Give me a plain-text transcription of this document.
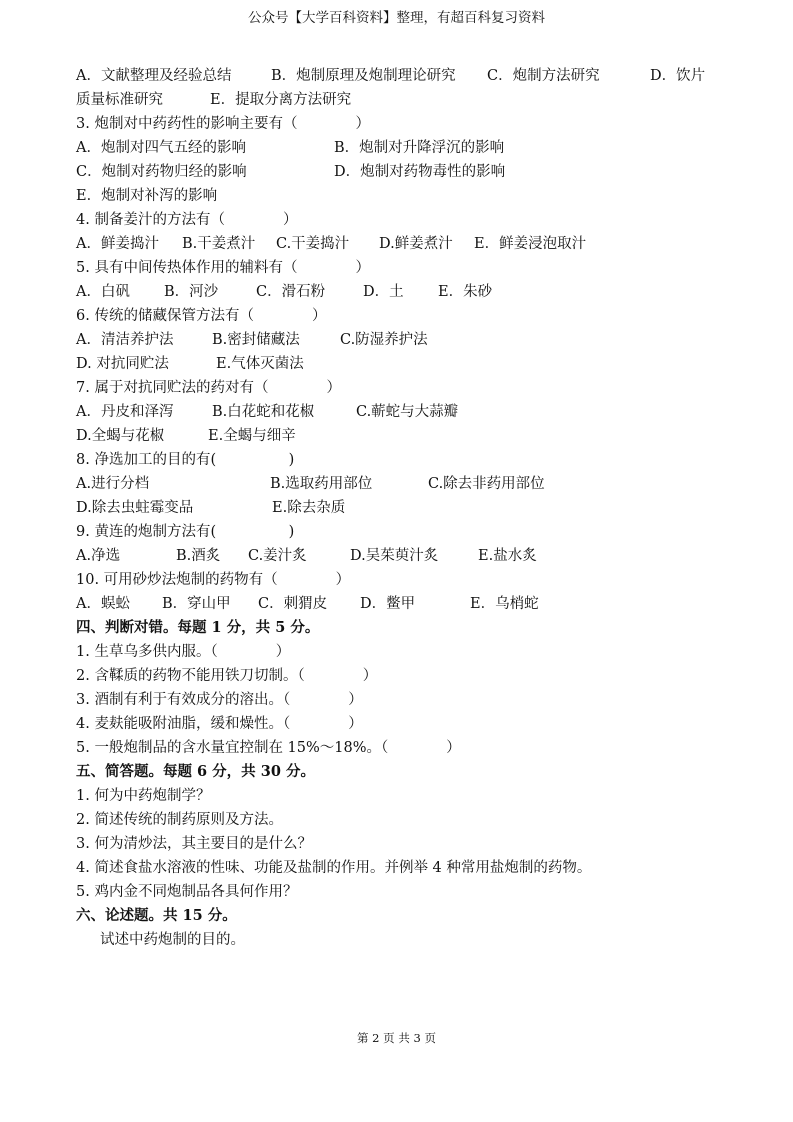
公众号【大学百科资料】整理，有超百科复习资料
A．文献整理及经验总结	B．炮制原理及炮制理论研究 C．炮制方法研究	D．饮片
质量标准研究	E．提取分离方法研究
3. 炮制对中药药性的影响主要有（　　　　）
A．炮制对四气五经的影响	B．炮制对升降浮沉的影响
C．炮制对药物归经的影响	D．炮制对药物毒性的影响
E．炮制对补泻的影响
4. 制备姜汁的方法有（　　　　）
A．鲜姜捣汁 B.干姜煮汁 C.干姜捣汁 D.鲜姜煮汁 E．鲜姜浸泡取汁
5. 具有中间传热体作用的辅料有（　　　　）
A．白矾 B．河沙	C．滑石粉	D．土 E．朱砂
6. 传统的储藏保管方法有（　　　　）
A．清洁养护法	B.密封储藏法	C.防湿养护法
D. 对抗同贮法	E.气体灭菌法
7. 属于对抗同贮法的药对有（　　　　）
A．丹皮和泽泻	B.白花蛇和花椒	C.蕲蛇与大蒜瓣
D.全蝎与花椒	E.全蝎与细辛
8. 净选加工的目的有(　　　　　)
A.进行分档	B.选取药用部位	C.除去非药用部位
D.除去虫蛀霉变品	E.除去杂质
9. 黄连的炮制方法有(　　　　　)
A.净选	B.酒炙 C.姜汁炙	D.吴茱萸汁炙	E.盐水炙
10. 可用砂炒法炮制的药物有（　　　　）
A．蜈蚣 B．穿山甲 C．刺猬皮 D．鳖甲	E．乌梢蛇
四、判断对错。每题 1 分，共 5 分。
1. 生草乌多供内服。（　　　　）
2. 含鞣质的药物不能用铁刀切制。（　　　　）
3. 酒制有利于有效成分的溶出。（　　　　）
4. 麦麸能吸附油脂，缓和燥性。（　　　　）
5. 一般炮制品的含水量宜控制在 15%～18%。（　　　　）
五、简答题。每题 6 分，共 30 分。
1. 何为中药炮制学？
2. 简述传统的制药原则及方法。
3. 何为清炒法，其主要目的是什么？
4. 简述食盐水溶液的性味、功能及盐制的作用。并例举 4 种常用盐炮制的药物。
5. 鸡内金不同炮制品各具何作用？
六、论述题。共 15 分。
试述中药炮制的目的。
第 2 页 共 3 页
